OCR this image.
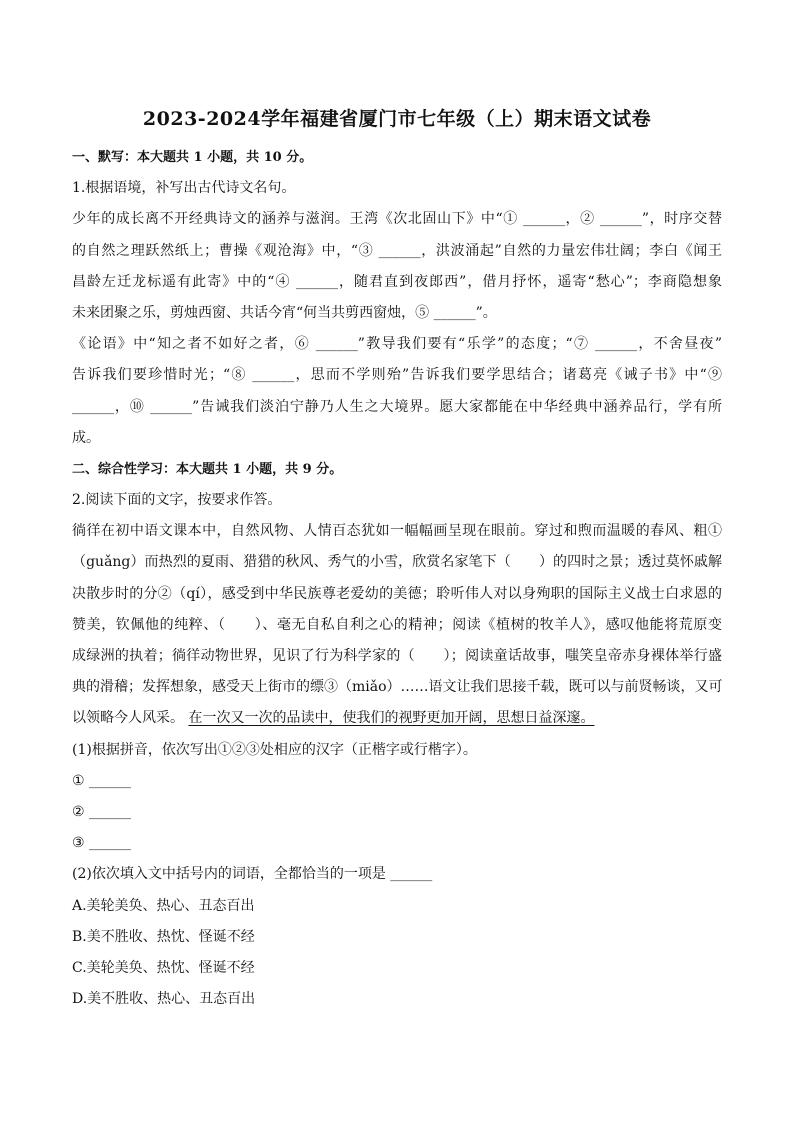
2023-2024学年福建省厦门市七年级（上）期末语文试卷
一、默写：本大题共 1 小题，共 10 分。
1.根据语境，补写出古代诗文名句。
少年的成长离不开经典诗文的涵养与滋润。王湾《次北固山下》中“① ______，② ______”，时序交替
的自然之理跃然纸上；曹操《观沧海》中，“③ ______，洪波涌起”自然的力量宏伟壮阔；李白《闻王
昌龄左迁龙标遥有此寄》中的“④ ______，随君直到夜郎西”，借月抒怀，遥寄“愁心”；李商隐想象
未来团聚之乐，剪烛西窗、共话今宵“何当共剪西窗烛，⑤ ______”。
《论语》中“知之者不如好之者，⑥ ______”教导我们要有“乐学”的态度；“⑦ ______，不舍昼夜”
告诉我们要珍惜时光；“⑧ ______，思而不学则殆”告诉我们要学思结合；诸葛亮《诫子书》中“⑨
______，⑩ ______”告诫我们淡泊宁静乃人生之大境界。愿大家都能在中华经典中涵养品行，学有所
成。
二、综合性学习：本大题共 1 小题，共 9 分。
2.阅读下面的文字，按要求作答。
徜徉在初中语文课本中，自然风物、人情百态犹如一幅幅画呈现在眼前。穿过和煦而温暖的春风、粗①
（guǎng）而热烈的夏雨、猎猎的秋风、秀气的小雪，欣赏名家笔下（　　）的四时之景；透过莫怀戚解
决散步时的分②（qí），感受到中华民族尊老爱幼的美德；聆听伟人对以身殉职的国际主义战士白求恩的
赞美，钦佩他的纯粹、（　　）、毫无自私自利之心的精神；阅读《植树的牧羊人》，感叹他能将荒原变
成绿洲的执着；徜徉动物世界，见识了行为科学家的（　　）；阅读童话故事，嗤笑皇帝赤身裸体举行盛
典的滑稽；发挥想象，感受天上街市的缥③（miǎo）……语文让我们思接千载，既可以与前贤畅谈，又可
以领略今人风采。 在一次又一次的品读中，使我们的视野更加开阔，思想日益深邃。
(1)根据拼音，依次写出①②③处相应的汉字（正楷字或行楷字）。
① ______
② ______
③ ______
(2)依次填入文中括号内的词语，全都恰当的一项是 ______
A.美轮美奂、热心、丑态百出
B.美不胜收、热忱、怪诞不经
C.美轮美奂、热忱、怪诞不经
D.美不胜收、热心、丑态百出
